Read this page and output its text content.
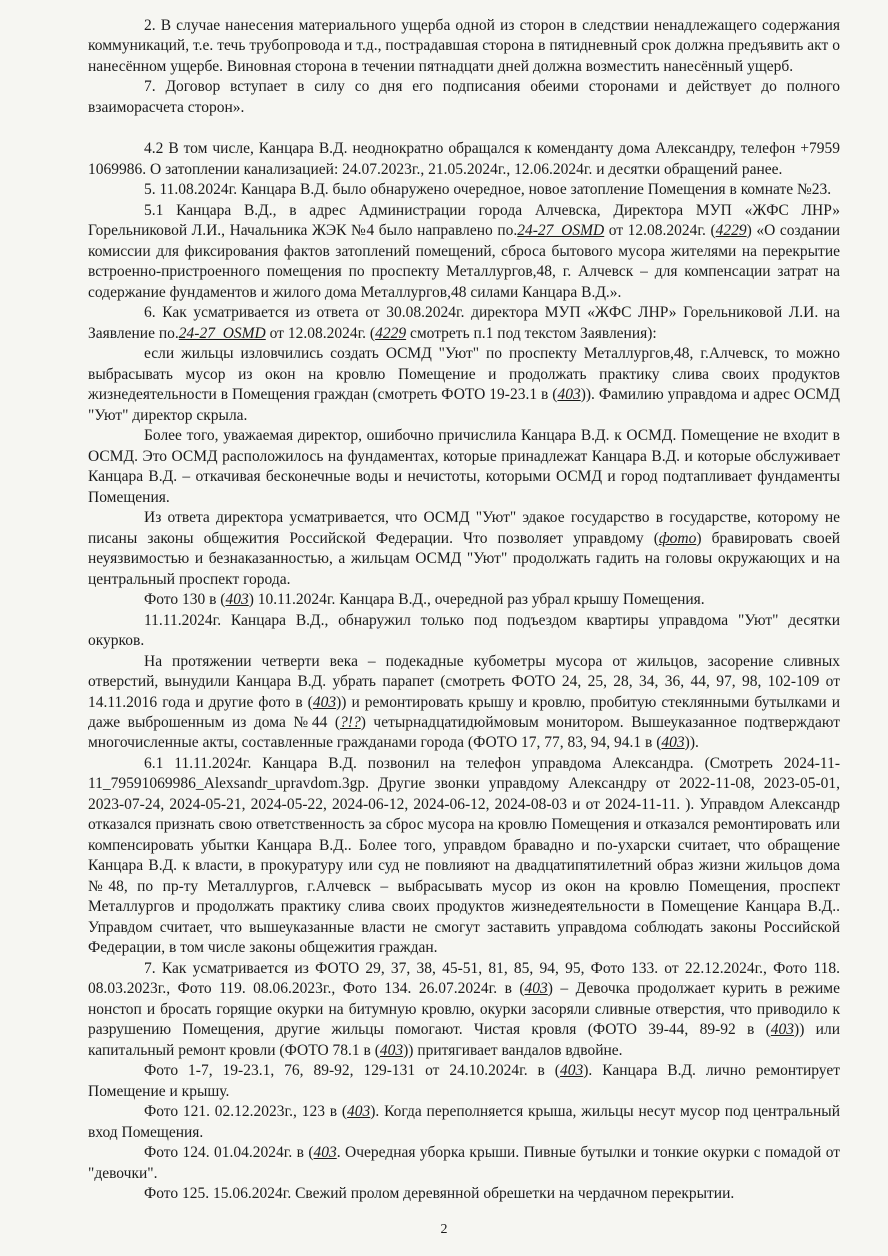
2. В случае нанесения материального ущерба одной из сторон в следствии ненадлежащего содержания коммуникаций, т.е. течь трубопровода и т.д., пострадавшая сторона в пятидневный срок должна предъявить акт о нанесённом ущербе. Виновная сторона в течении пятнадцати дней должна возместить нанесённый ущерб.

7. Договор вступает в силу со дня его подписания обеими сторонами и действует до полного взаиморасчета сторон».

4.2 В том числе, Канцара В.Д. неоднократно обращался к коменданту дома Александру, телефон +7959 1069986. О затоплении канализацией: 24.07.2023г., 21.05.2024г., 12.06.2024г. и десятки обращений ранее.

5. 11.08.2024г. Канцара В.Д. было обнаружено очередное, новое затопление Помещения в комнате №23.

5.1 Канцара В.Д., в адрес Администрации города Алчевска, Директора МУП «ЖФС ЛНР» Горельниковой Л.И., Начальника ЖЭК №4 было направлено по.24-27_OSMD от 12.08.2024г. (4229) «О создании комиссии для фиксирования фактов затоплений помещений, сброса бытового мусора жителями на перекрытие встроенно-пристроенного помещения по проспекту Металлургов,48, г. Алчевск – для компенсации затрат на содержание фундаментов и жилого дома Металлургов,48 силами Канцара В.Д.».

6. Как усматривается из ответа от 30.08.2024г. директора МУП «ЖФС ЛНР» Горельниковой Л.И. на Заявление по.24-27_OSMD от 12.08.2024г. (4229 смотреть п.1 под текстом Заявления):

если жильцы изловчились создать ОСМД "Уют" по проспекту Металлургов,48, г.Алчевск, то можно выбрасывать мусор из окон на кровлю Помещение и продолжать практику слива своих продуктов жизнедеятельности в Помещения граждан (смотреть ФОТО 19-23.1 в (403)). Фамилию управдома и адрес ОСМД "Уют" директор скрыла.

Более того, уважаемая директор, ошибочно причислила Канцара В.Д. к ОСМД. Помещение не входит в ОСМД. Это ОСМД расположилось на фундаментах, которые принадлежат Канцара В.Д. и которые обслуживает Канцара В.Д. – откачивая бесконечные воды и нечистоты, которыми ОСМД и город подтапливает фундаменты Помещения.

Из ответа директора усматривается, что ОСМД "Уют" эдакое государство в государстве, которому не писаны законы общежития Российской Федерации. Что позволяет управдому (фото) бравировать своей неуязвимостью и безнаказанностью, а жильцам ОСМД "Уют" продолжать гадить на головы окружающих и на центральный проспект города.

Фото 130 в (403) 10.11.2024г. Канцара В.Д., очередной раз убрал крышу Помещения.

11.11.2024г. Канцара В.Д., обнаружил только под подъездом квартиры управдома "Уют" десятки окурков.

На протяжении четверти века – подекадные кубометры мусора от жильцов, засорение сливных отверстий, вынудили Канцара В.Д. убрать парапет (смотреть ФОТО 24, 25, 28, 34, 36, 44, 97, 98, 102-109 от 14.11.2016 года и другие фото в (403)) и ремонтировать крышу и кровлю, пробитую стеклянными бутылками и даже выброшенным из дома №44 (?!?) четырнадцатидюймовым монитором. Вышеуказанное подтверждают многочисленные акты, составленные гражданами города (ФОТО 17, 77, 83, 94, 94.1 в (403)).

6.1 11.11.2024г. Канцара В.Д. позвонил на телефон управдома Александра. (Смотреть 2024-11-11_79591069986_Alexsandr_upravdom.3gp. Другие звонки управдому Александру от 2022-11-08, 2023-05-01, 2023-07-24, 2024-05-21, 2024-05-22, 2024-06-12, 2024-06-12, 2024-08-03 и от 2024-11-11. ). Управдом Александр отказался признать свою ответственность за сброс мусора на кровлю Помещения и отказался ремонтировать или компенсировать убытки Канцара В.Д.. Более того, управдом бравадно и по-ухарски считает, что обращение Канцара В.Д. к власти, в прокуратуру или суд не повлияют на двадцатипятилетний образ жизни жильцов дома №48, по пр-ту Металлургов, г.Алчевск – выбрасывать мусор из окон на кровлю Помещения, проспект Металлургов и продолжать практику слива своих продуктов жизнедеятельности в Помещение Канцара В.Д.. Управдом считает, что вышеуказанные власти не смогут заставить управдома соблюдать законы Российской Федерации, в том числе законы общежития граждан.

7. Как усматривается из ФОТО 29, 37, 38, 45-51, 81, 85, 94, 95, Фото 133. от 22.12.2024г., Фото 118. 08.03.2023г., Фото 119. 08.06.2023г., Фото 134. 26.07.2024г. в (403) – Девочка продолжает курить в режиме нонстоп и бросать горящие окурки на битумную кровлю, окурки засоряли сливные отверстия, что приводило к разрушению Помещения, другие жильцы помогают. Чистая кровля (ФОТО 39-44, 89-92 в (403)) или капитальный ремонт кровли (ФОТО 78.1 в (403)) притягивает вандалов вдвойне.

Фото 1-7, 19-23.1, 76, 89-92, 129-131 от 24.10.2024г. в (403). Канцара В.Д. лично ремонтирует Помещение и крышу.

Фото 121. 02.12.2023г., 123 в (403). Когда переполняется крыша, жильцы несут мусор под центральный вход Помещения.

Фото 124. 01.04.2024г. в (403. Очередная уборка крыши. Пивные бутылки и тонкие окурки с помадой от "девочки".

Фото 125. 15.06.2024г. Свежий пролом деревянной обрешетки на чердачном перекрытии.

2
